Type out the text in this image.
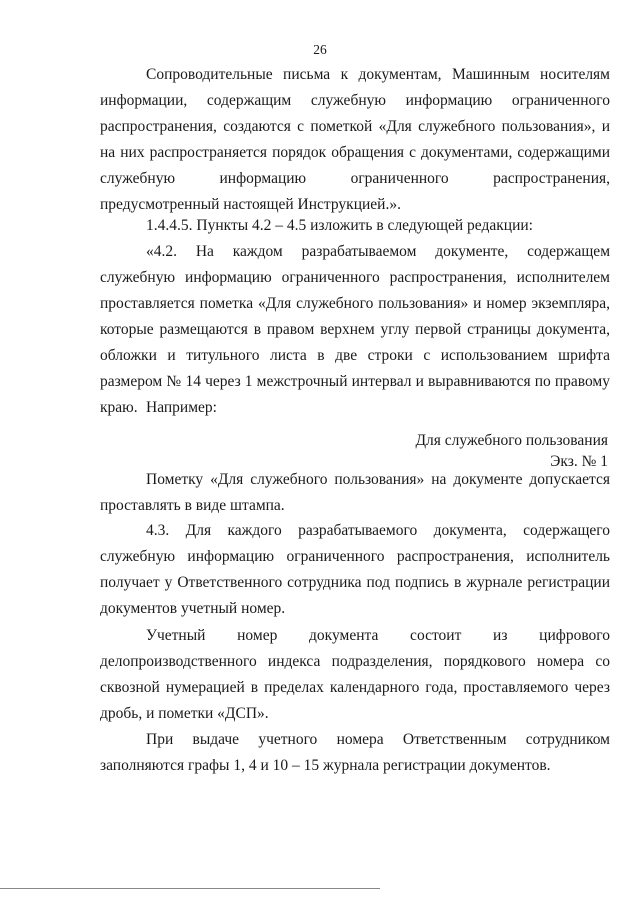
26

Сопроводительные письма к документам, Машинным носителям информации, содержащим служебную информацию ограниченного распространения, создаются с пометкой «Для служебного пользования», и на них распространяется порядок обращения с документами, содержащими служебную информацию ограниченного распространения, предусмотренный настоящей Инструкцией.».

1.4.4.5. Пункты 4.2 – 4.5 изложить в следующей редакции:

«4.2. На каждом разрабатываемом документе, содержащем служебную информацию ограниченного распространения, исполнителем проставляется пометка «Для служебного пользования» и номер экземпляра, которые размещаются в правом верхнем углу первой страницы документа, обложки и титульного листа в две строки с использованием шрифта размером № 14 через 1 межстрочный интервал и выравниваются по правому краю. Например:

Для служебного пользования
Экз. № 1

Пометку «Для служебного пользования» на документе допускается проставлять в виде штампа.

4.3. Для каждого разрабатываемого документа, содержащего служебную информацию ограниченного распространения, исполнитель получает у Ответственного сотрудника под подпись в журнале регистрации документов учетный номер.

Учетный номер документа состоит из цифрового делопроизводственного индекса подразделения, порядкового номера со сквозной нумерацией в пределах календарного года, проставляемого через дробь, и пометки «ДСП».

При выдаче учетного номера Ответственным сотрудником заполняются графы 1, 4 и 10 – 15 журнала регистрации документов.
